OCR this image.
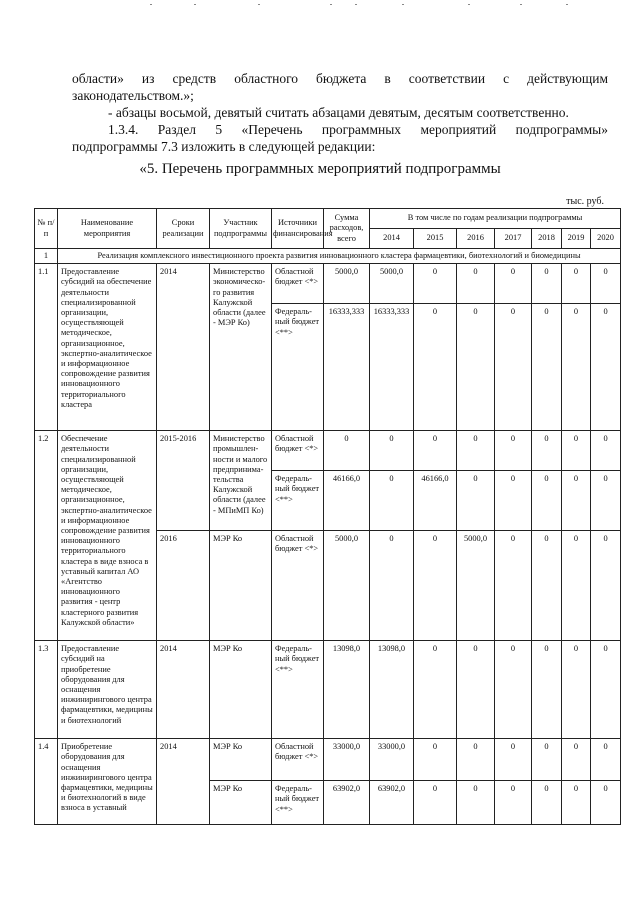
области» из средств областного бюджета в соответствии с действующим
законодательством.»;
- абзацы восьмой, девятый считать абзацами девятым, десятым соответственно.
1.3.4. Раздел 5 «Перечень программных мероприятий подпрограммы»
подпрограммы 7.3 изложить в следующей редакции:
«5. Перечень программных мероприятий подпрограммы
тыс. руб.
№ п/п	Наименование мероприятия	Сроки реализации	Участник подпрограммы	Источники финансирования	Сумма расходов, всего	В том числе по годам реализации подпрограммы						
						2014	2015	2016	2017	2018	2019	2020
1	Реализация комплексного инвестиционного проекта развития инновационного кластера фармацевтики, биотехнологий и биомедицины											
1.1	Предоставление субсидий на обеспечение деятельности специализированной организации, осуществляющей методическое, организационное, экспертно-аналитическое и информационное сопровождение развития инновационного территориального кластера	2014	Министерство экономическо-го развития Калужской области (далее - МЭР Ко)	Областной бюджет <*>	5000,0	5000,0	0	0	0	0	0	0
				Федераль-ный бюджет <**>	16333,333	16333,333	0	0	0	0	0	0
1.2	Обеспечение деятельности специализированной организации, осуществляющей методическое, организационное, экспертно-аналитическое и информационное сопровождение развития инновационного территориального кластера в виде взноса в уставный капитал АО «Агентство инновационного развития - центр кластерного развития Калужской области»	2015-2016	Министерство промышлен-ности и малого предпринима-тельства Калужской области (далее - МПиМП Ко)	Областной бюджет <*>	0	0	0	0	0	0	0	0
				Федераль-ный бюджет <**>	46166,0	0	46166,0	0	0	0	0	0
		2016	МЭР Ко	Областной бюджет <*>	5000,0	0	0	5000,0	0	0	0	0
1.3	Предоставление субсидий на приобретение оборудования для оснащения инжинирингового центра фармацевтики, медицины и биотехнологий	2014	МЭР Ко	Федераль-ный бюджет <**>	13098,0	13098,0	0	0	0	0	0	0
1.4	Приобретение оборудования для оснащения инжинирингового центра фармацевтики, медицины и биотехнологий в виде взноса в уставный	2014	МЭР Ко	Областной бюджет <*>	33000,0	33000,0	0	0	0	0	0	0
			МЭР Ко	Федераль-ный бюджет <**>	63902,0	63902,0	0	0	0	0	0	0
